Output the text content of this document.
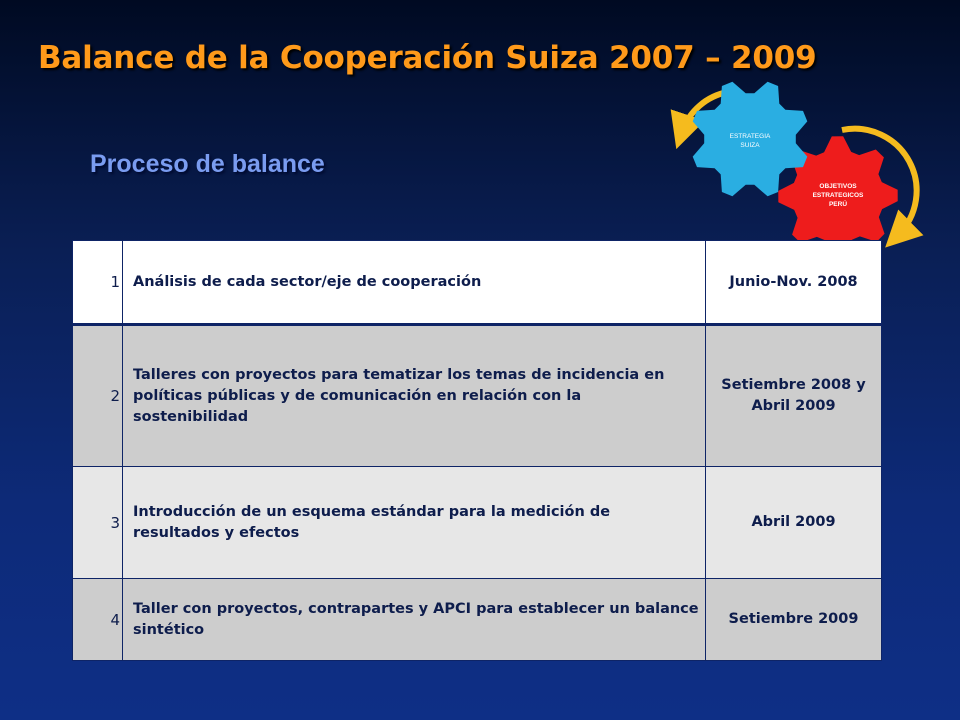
Balance de la Cooperación Suiza 2007 – 2009
Proceso de balance
ESTRATEGIA
SUIZA
OBJETIVOS
ESTRATEGICOS
PERÚ
1	Análisis de cada sector/eje de cooperación	Junio-Nov. 2008
2	Talleres con proyectos para tematizar los temas de incidencia en políticas públicas y de comunicación en relación con la sostenibilidad	Setiembre 2008 y Abril 2009
3	Introducción de un esquema estándar para la medición de resultados y efectos	Abril 2009
4	Taller con proyectos, contrapartes y APCI para establecer un balance sintético	Setiembre 2009
